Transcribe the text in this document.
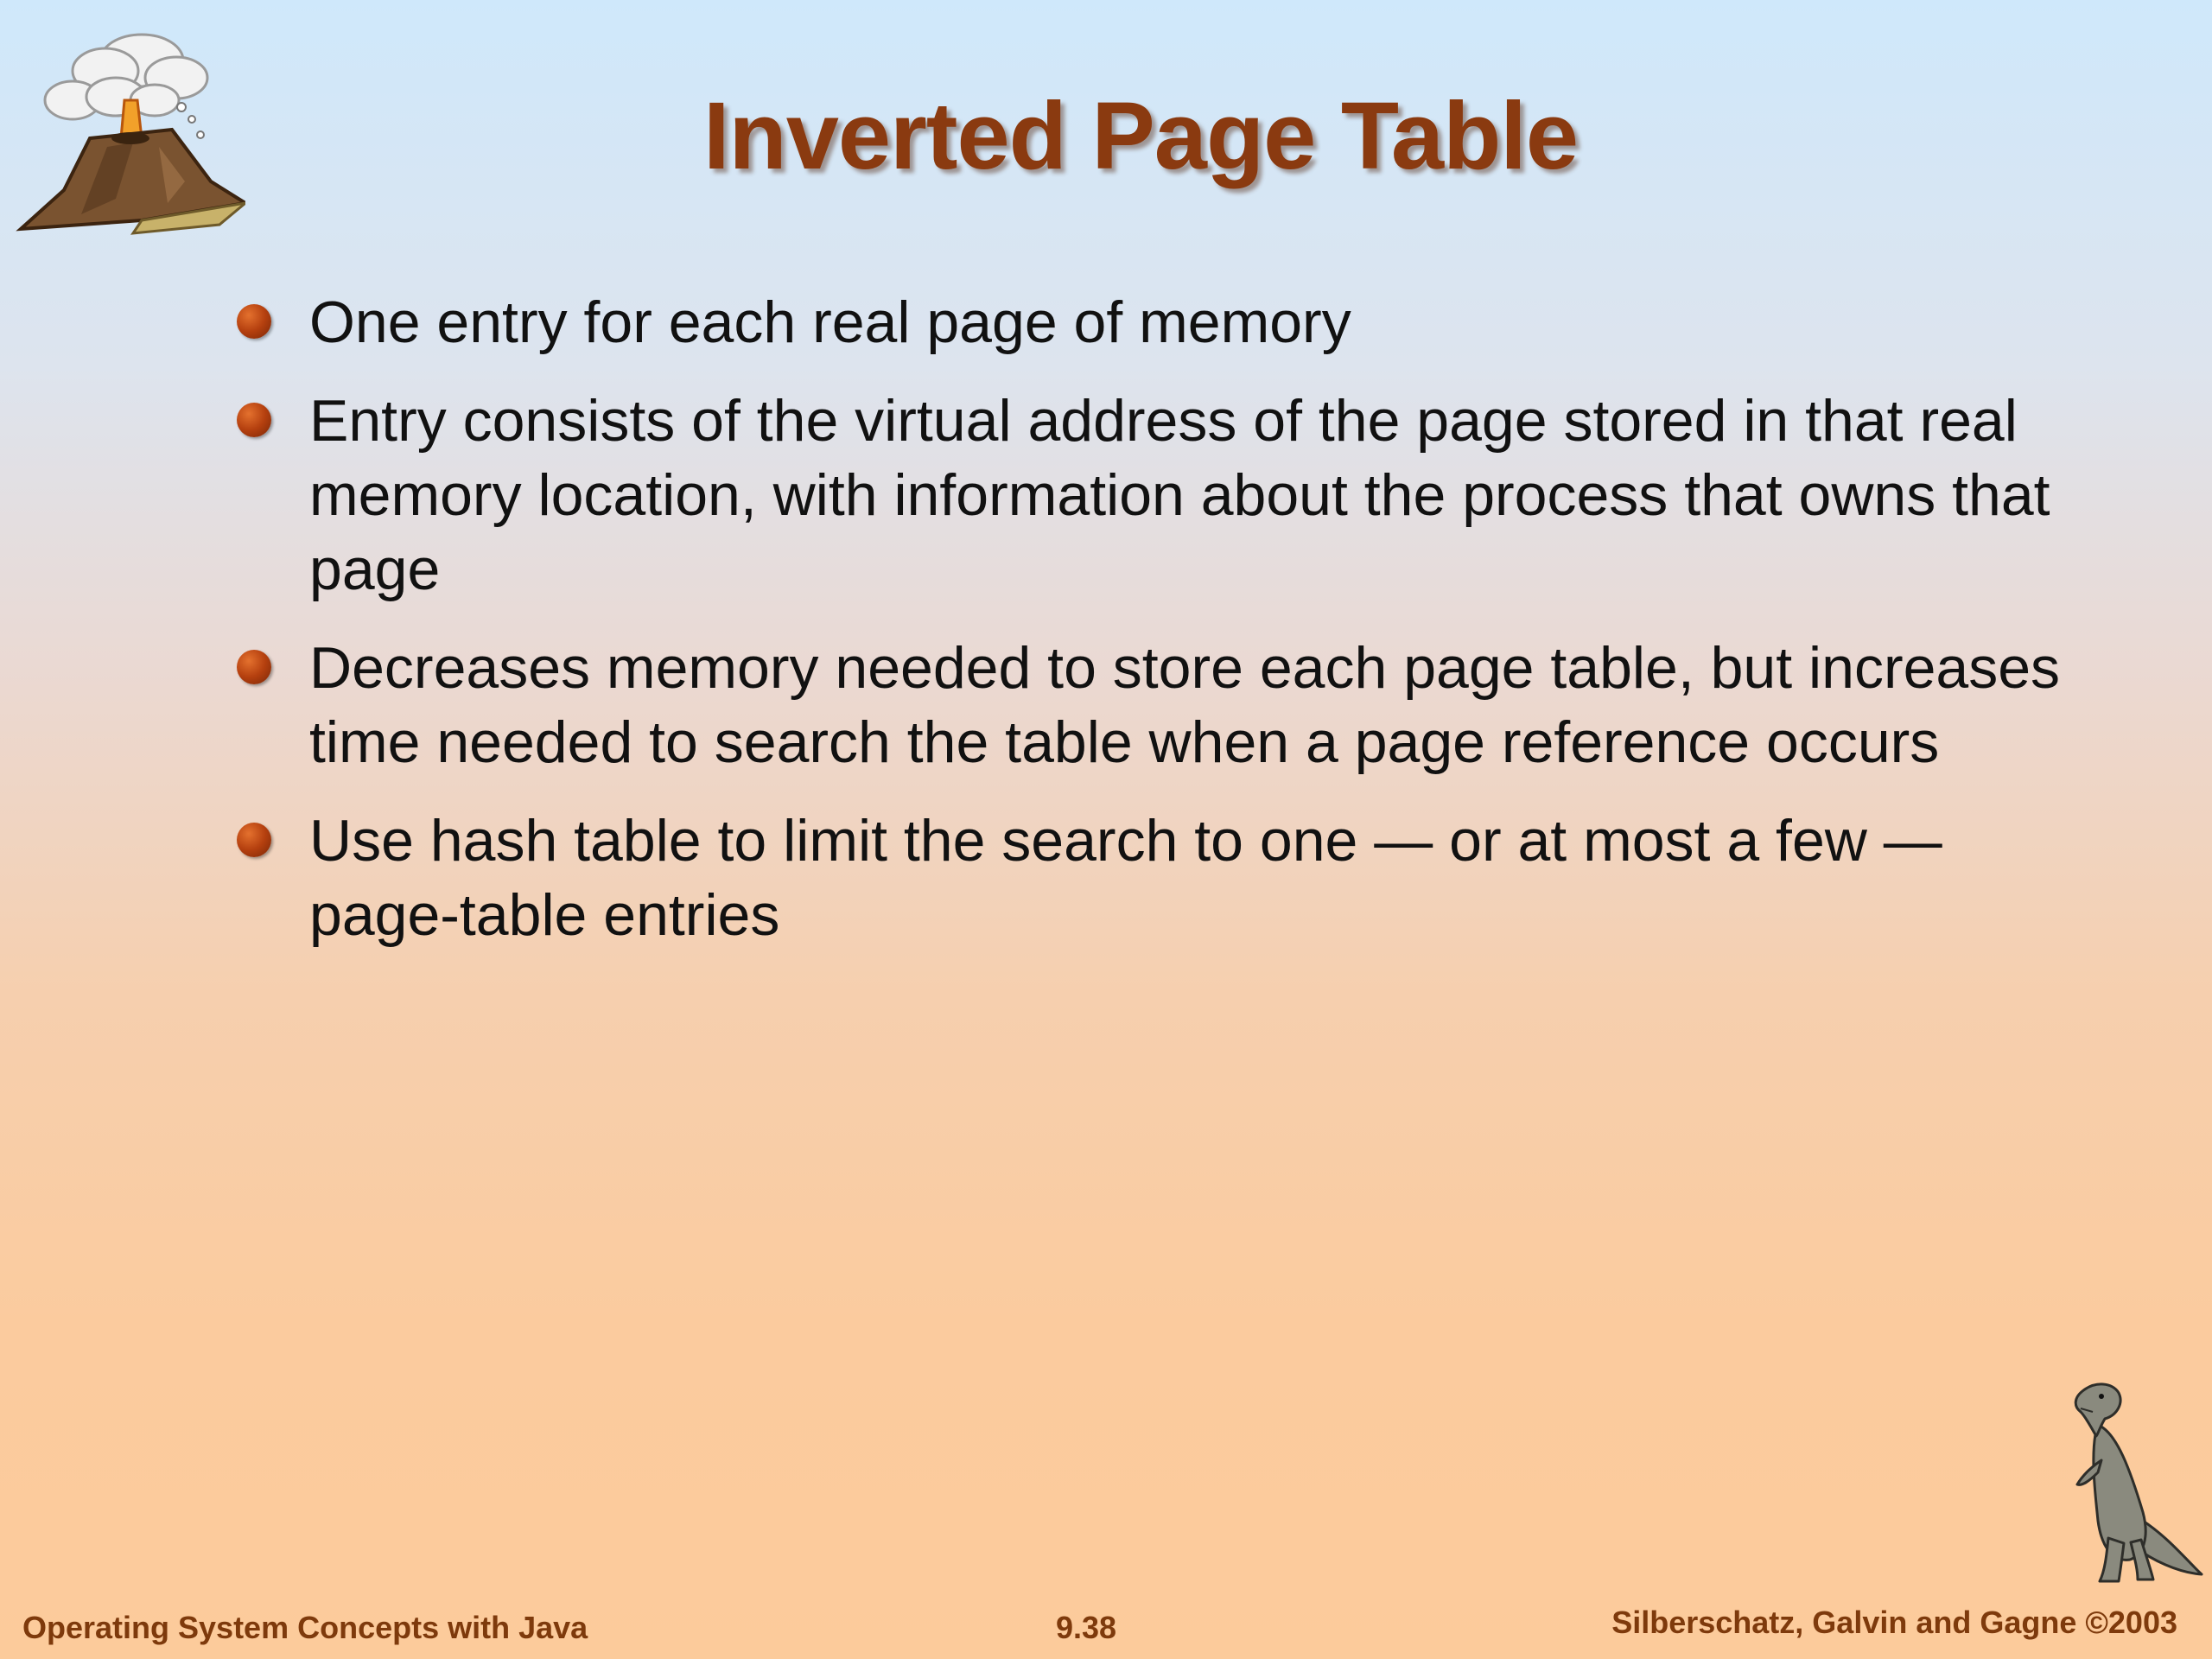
Inverted Page Table
One entry for each real page of memory
Entry consists of the virtual address of the page stored in that real memory location, with information about the process that owns that page
Decreases memory needed to store each page table, but increases time needed to search the table when a page reference occurs
Use hash table to limit the search to one — or at most a few — page-table entries
Operating System Concepts with Java	9.38	Silberschatz, Galvin and Gagne ©2003
